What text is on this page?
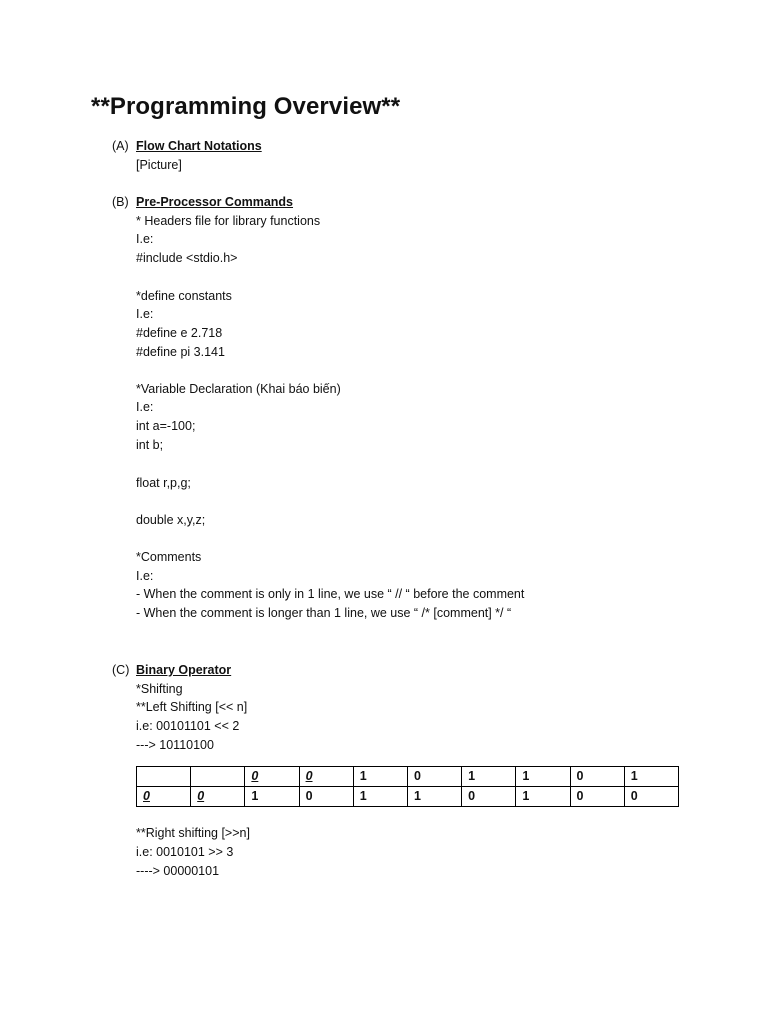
**Programming Overview**
(A) Flow Chart Notations
[Picture]
(B) Pre-Processor Commands
* Headers file for library functions
I.e:
#include <stdio.h>
*define constants
I.e:
#define e 2.718
#define pi 3.141
*Variable Declaration (Khai báo biến)
I.e:
int a=-100;
int b;
float r,p,g;
double x,y,z;
*Comments
I.e:
- When the comment is only in 1 line, we use “ // “ before the comment
- When the comment is longer than 1 line, we use “ /* [comment] */ “
(C) Binary Operator
*Shifting
**Left Shifting [<< n]
i.e: 00101101 << 2
---> 10110100
		0	0	1	0	1	1	0	1
0	0	1	0	1	1	0	1	0	0
**Right shifting [>>n]
i.e: 0010101 >> 3
----> 00000101
